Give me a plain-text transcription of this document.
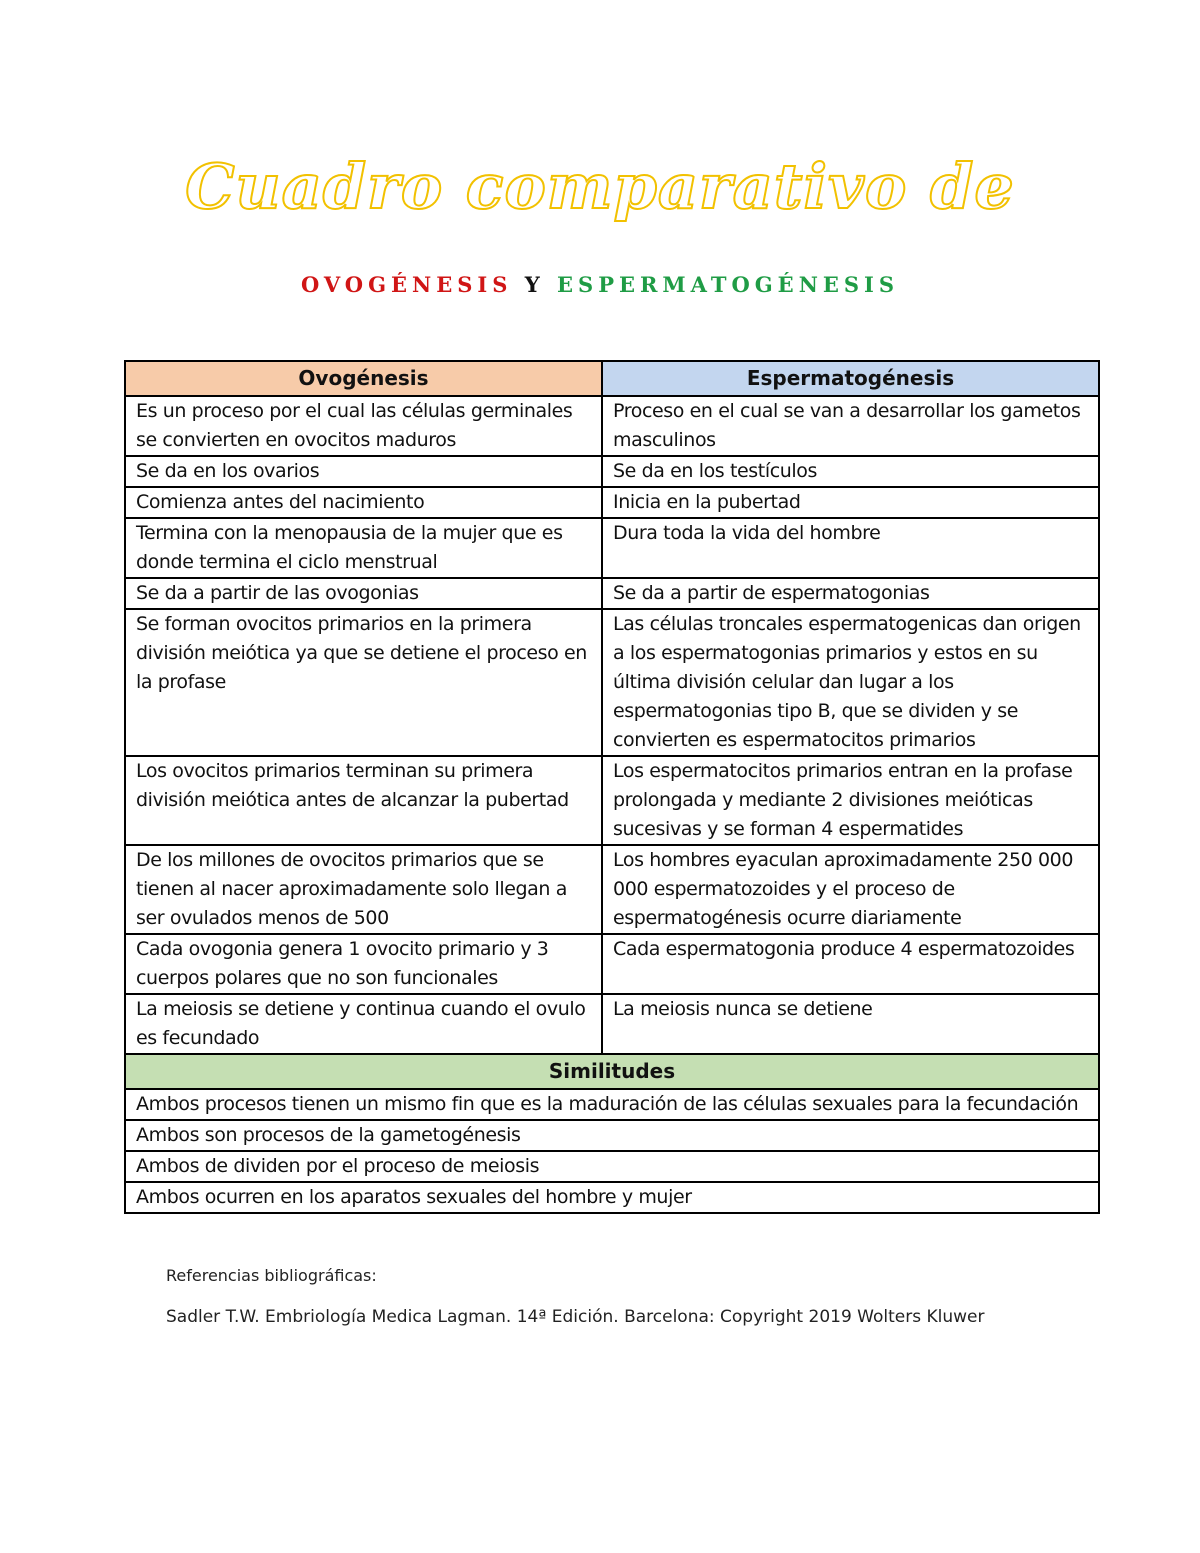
Cuadro comparativo de
OVOGÉNESIS Y ESPERMATOGÉNESIS
Ovogénesis	Espermatogénesis
Es un proceso por el cual las células germinales se convierten en ovocitos maduros	Proceso en el cual se van a desarrollar los gametos masculinos
Se da en los ovarios	Se da en los testículos
Comienza antes del nacimiento	Inicia en la pubertad
Termina con la menopausia de la mujer que es donde termina el ciclo menstrual	Dura toda la vida del hombre
Se da a partir de las ovogonias	Se da a partir de espermatogonias
Se forman ovocitos primarios en la primera división meiótica ya que se detiene el proceso en la profase	Las células troncales espermatogenicas dan origen a los espermatogonias primarios y estos en su última división celular dan lugar a los espermatogonias tipo B, que se dividen y se convierten es espermatocitos primarios
Los ovocitos primarios terminan su primera división meiótica antes de alcanzar la pubertad	Los espermatocitos primarios entran en la profase prolongada y mediante 2 divisiones meióticas sucesivas y se forman 4 espermatides
De los millones de ovocitos primarios que se tienen al nacer aproximadamente solo llegan a ser ovulados menos de 500	Los hombres eyaculan aproximadamente 250 000 000 espermatozoides y el proceso de espermatogénesis ocurre diariamente
Cada ovogonia genera 1 ovocito primario y 3 cuerpos polares que no son funcionales	Cada espermatogonia produce 4 espermatozoides
La meiosis se detiene y continua cuando el ovulo es fecundado	La meiosis nunca se detiene
Similitudes	
Ambos procesos tienen un mismo fin que es la maduración de las células sexuales para la fecundación	
Ambos son procesos de la gametogénesis	
Ambos de dividen por el proceso de meiosis	
Ambos ocurren en los aparatos sexuales del hombre y mujer	

Referencias bibliográficas:

Sadler T.W. Embriología Medica Lagman. 14ª Edición. Barcelona: Copyright 2019 Wolters Kluwer
